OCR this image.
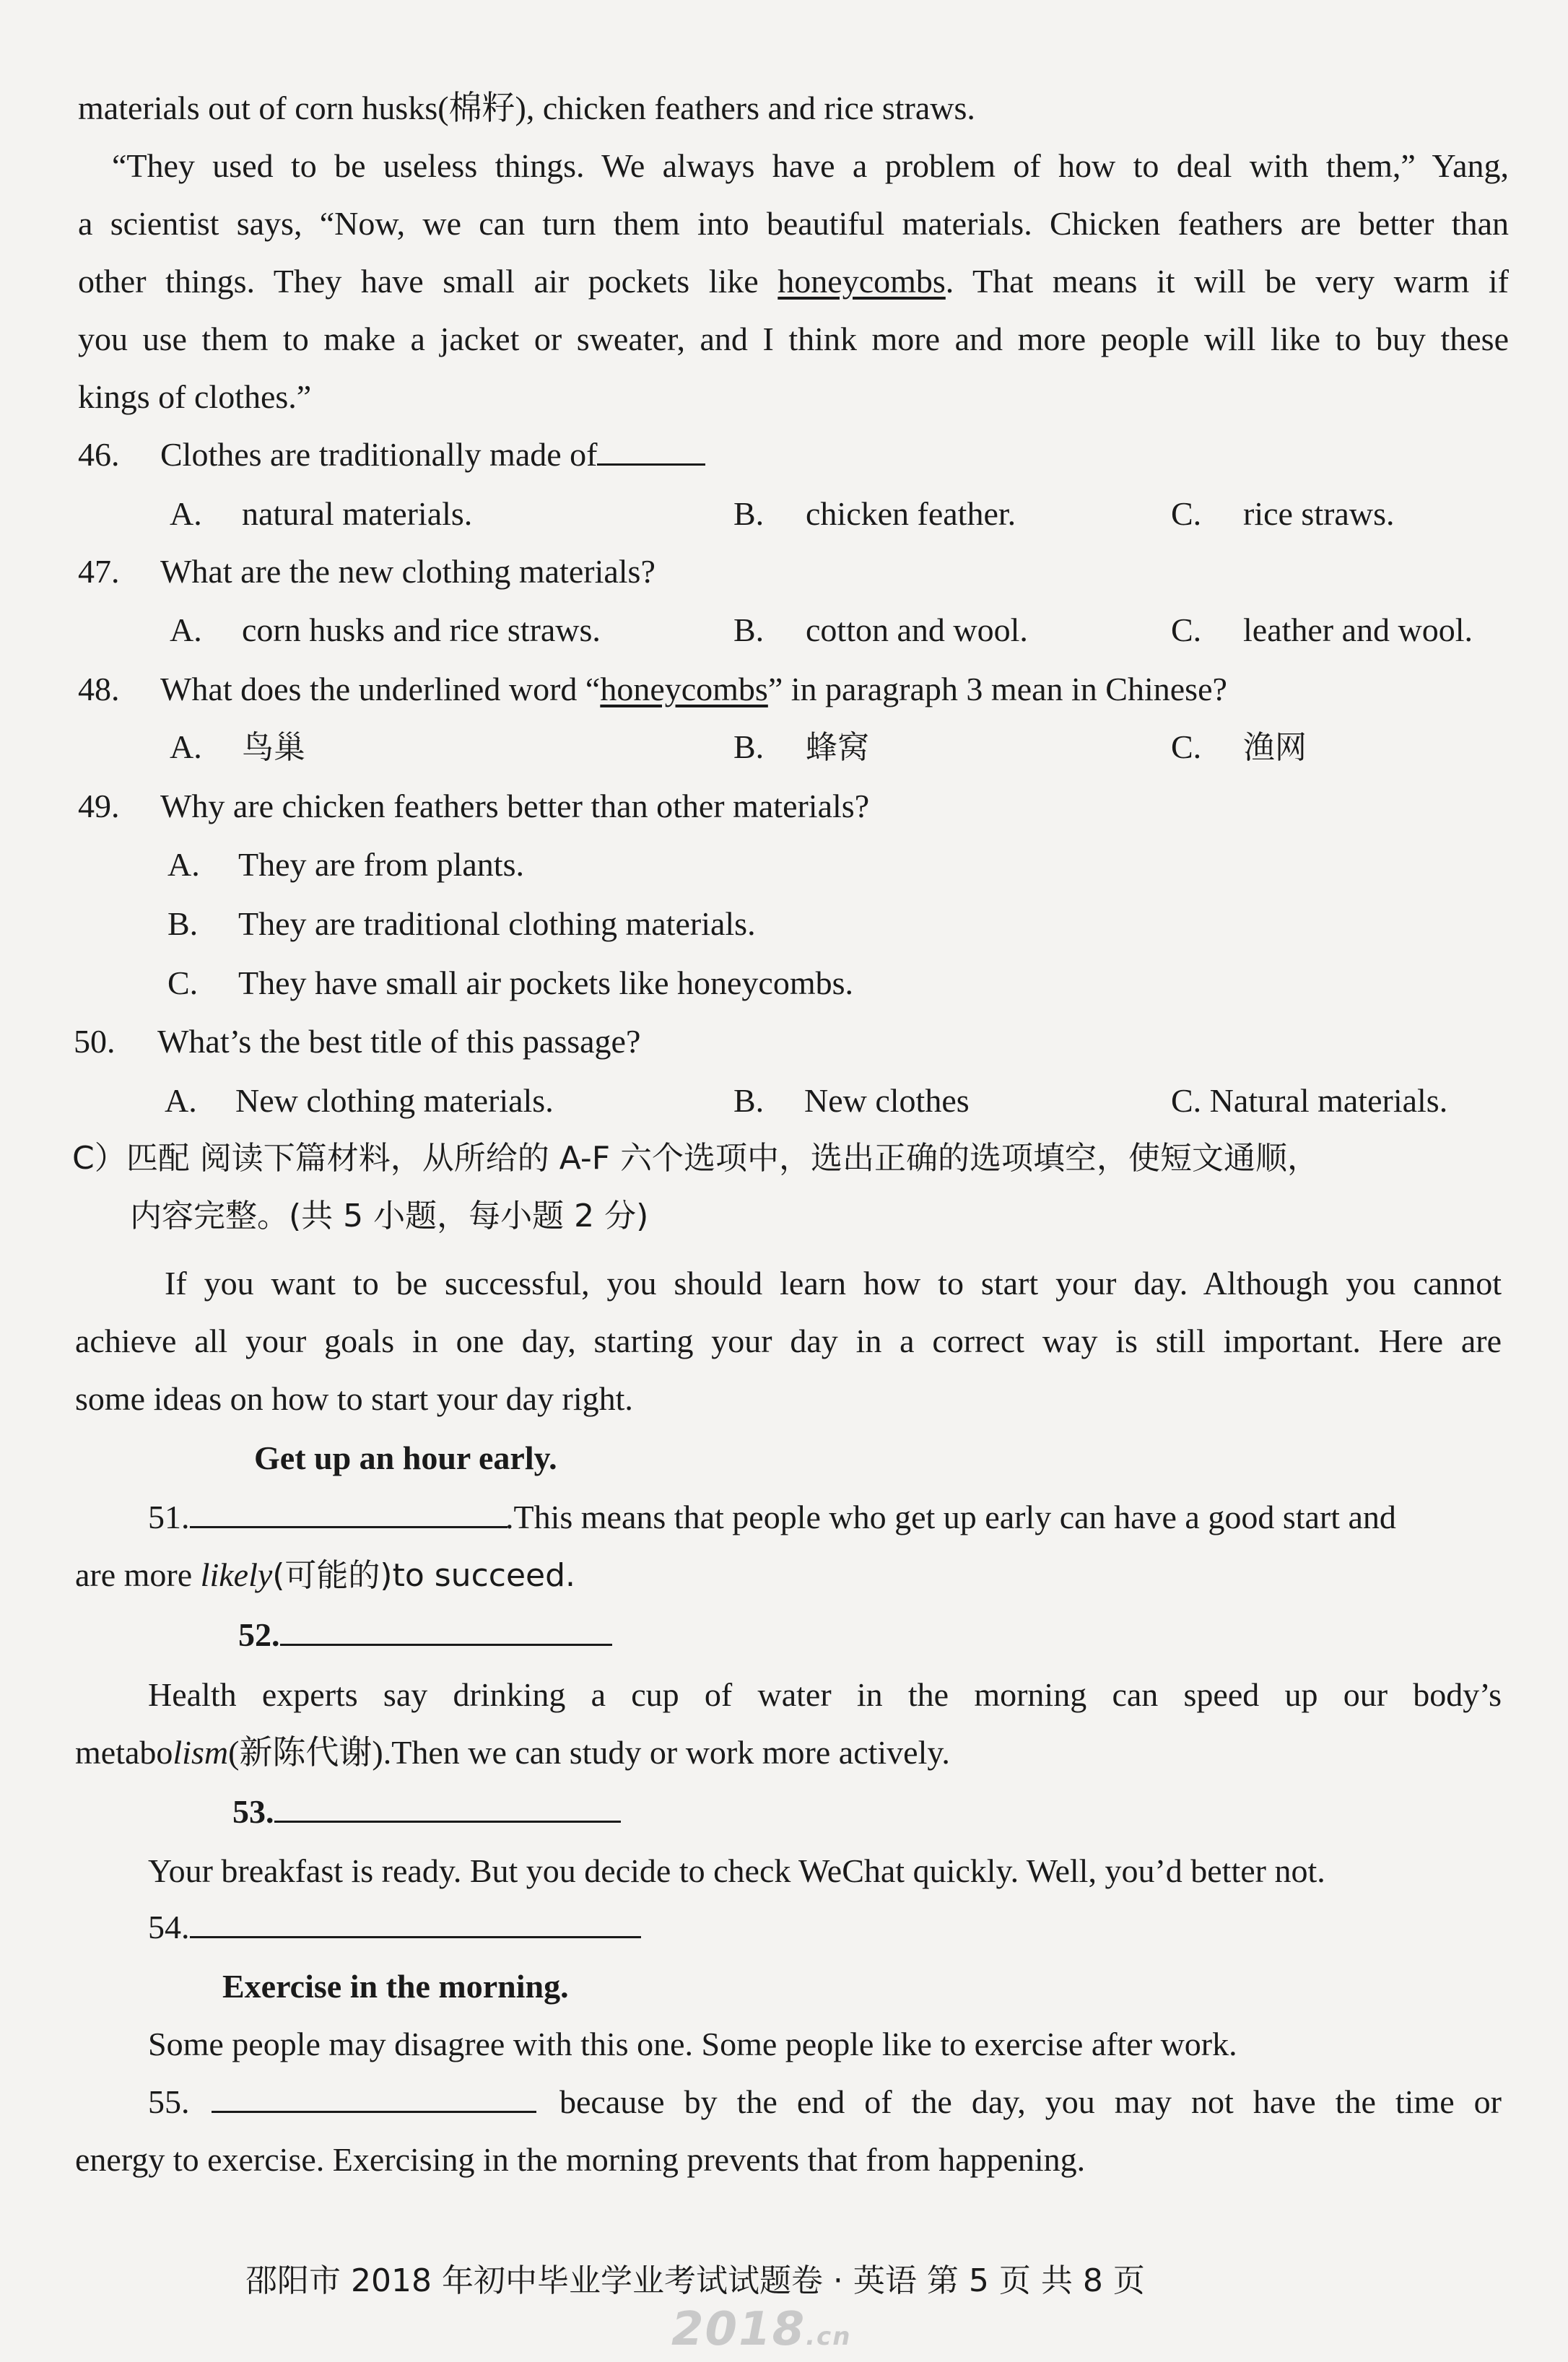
materials out of corn husks(棉籽), chicken feathers and rice straws.
“They used to be useless things. We always have a problem of how to deal with them,” Yang,
a scientist says, “Now, we can turn them into beautiful materials. Chicken feathers are better than
other things. They have small air pockets like honeycombs. That means it will be very warm if
you use them to make a jacket or sweater, and I think more and more people will like to buy these
kings of clothes.”
46. Clothes are traditionally made of
A. natural materials.	B. chicken feather.	C. rice straws.
47. What are the new clothing materials?
A. corn husks and rice straws.	B. cotton and wool.	C. leather and wool.
48. What does the underlined word “honeycombs” in paragraph 3 mean in Chinese?
A. 鸟巢	B. 蜂窝	C. 渔网
49. Why are chicken feathers better than other materials?
A. They are from plants.
B. They are traditional clothing materials.
C. They have small air pockets like honeycombs.
50. What’s the best title of this passage?
A. New clothing materials.	B. New clothes	C. Natural materials.
C）匹配 阅读下篇材料，从所给的 A-F 六个选项中，选出正确的选项填空，使短文通顺，
内容完整。(共 5 小题，每小题 2 分)
If you want to be successful, you should learn how to start your day. Although you cannot
achieve all your goals in one day, starting your day in a correct way is still important. Here are
some ideas on how to start your day right.
Get up an hour early.
51.	.This means that people who get up early can have a good start and
are more likely(可能的)to succeed.
52.
Health experts say drinking a cup of water in the morning can speed up our body’s
metabolism(新陈代谢).Then we can study or work more actively.
53.
Your breakfast is ready. But you decide to check WeChat quickly. Well, you’d better not.
54.
Exercise in the morning.
Some people may disagree with this one. Some people like to exercise after work.
55.	because by the end of the day, you may not have the time or
energy to exercise. Exercising in the morning prevents that from happening.
邵阳市 2018 年初中毕业学业考试试题卷 · 英语 第 5 页 共 8 页
2018.cn
